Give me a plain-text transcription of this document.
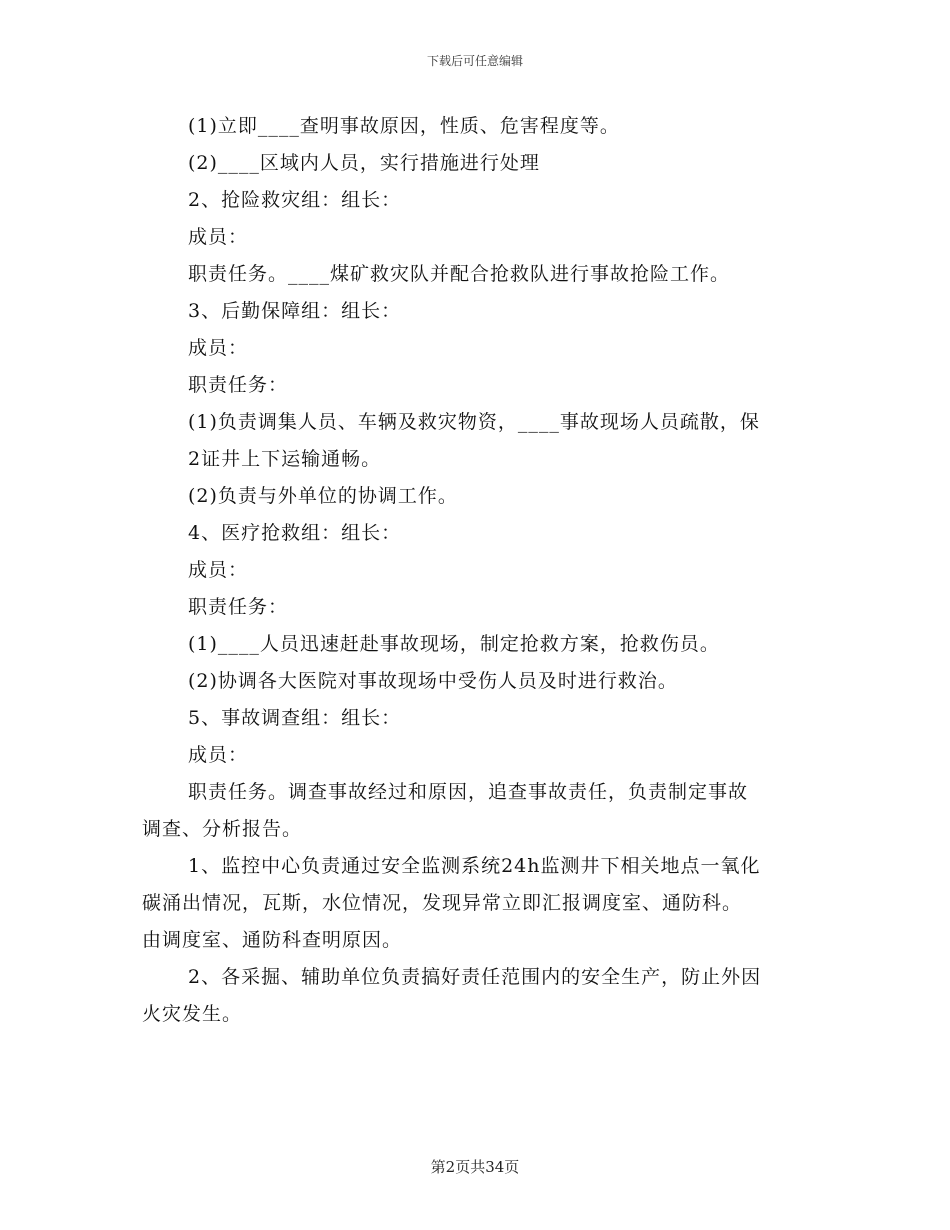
下载后可任意编辑
(1)立即____查明事故原因，性质、危害程度等。
(2)____区域内人员，实行措施进行处理
2、抢险救灾组：组长：
成员：
职责任务。____煤矿救灾队并配合抢救队进行事故抢险工作。
3、后勤保障组：组长：
成员：
职责任务：
(1)负责调集人员、车辆及救灾物资，____事故现场人员疏散，保
2证井上下运输通畅。
(2)负责与外单位的协调工作。
4、医疗抢救组：组长：
成员：
职责任务：
(1)____人员迅速赶赴事故现场，制定抢救方案，抢救伤员。
(2)协调各大医院对事故现场中受伤人员及时进行救治。
5、事故调查组：组长：
成员：
职责任务。调查事故经过和原因，追查事故责任，负责制定事故
调查、分析报告。
1、监控中心负责通过安全监测系统24h监测井下相关地点一氧化
碳涌出情况，瓦斯，水位情况，发现异常立即汇报调度室、通防科。
由调度室、通防科查明原因。
2、各采掘、辅助单位负责搞好责任范围内的安全生产，防止外因
火灾发生。
第2页共34页
